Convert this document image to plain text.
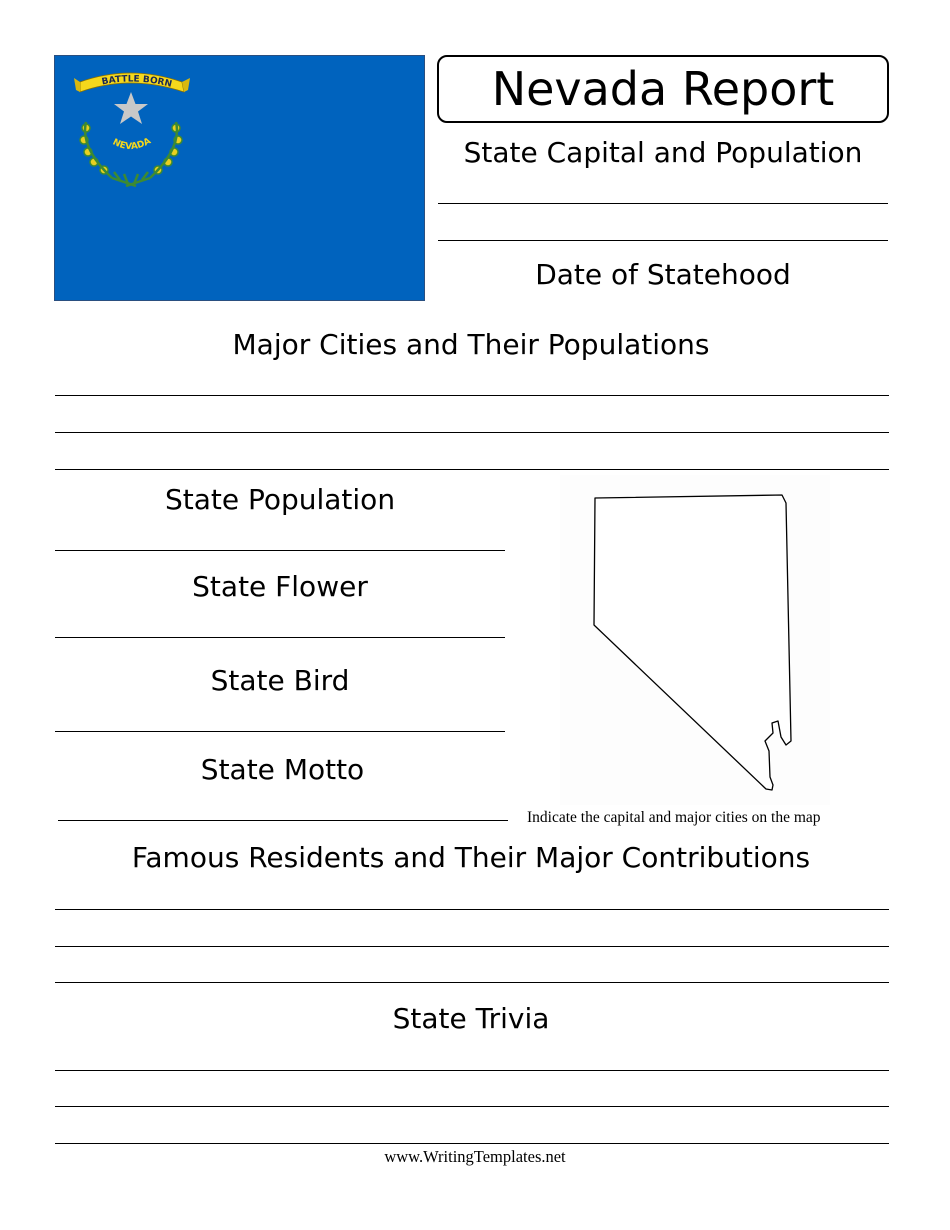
NEVADA
BATTLE BORN	Nevada Report
State Capital and Population
Date of Statehood
Major Cities and Their Populations
State Population
State Flower
State Bird
State Motto
Indicate the capital and major cities on the map
Famous Residents and Their Major Contributions
State Trivia
www.WritingTemplates.net
